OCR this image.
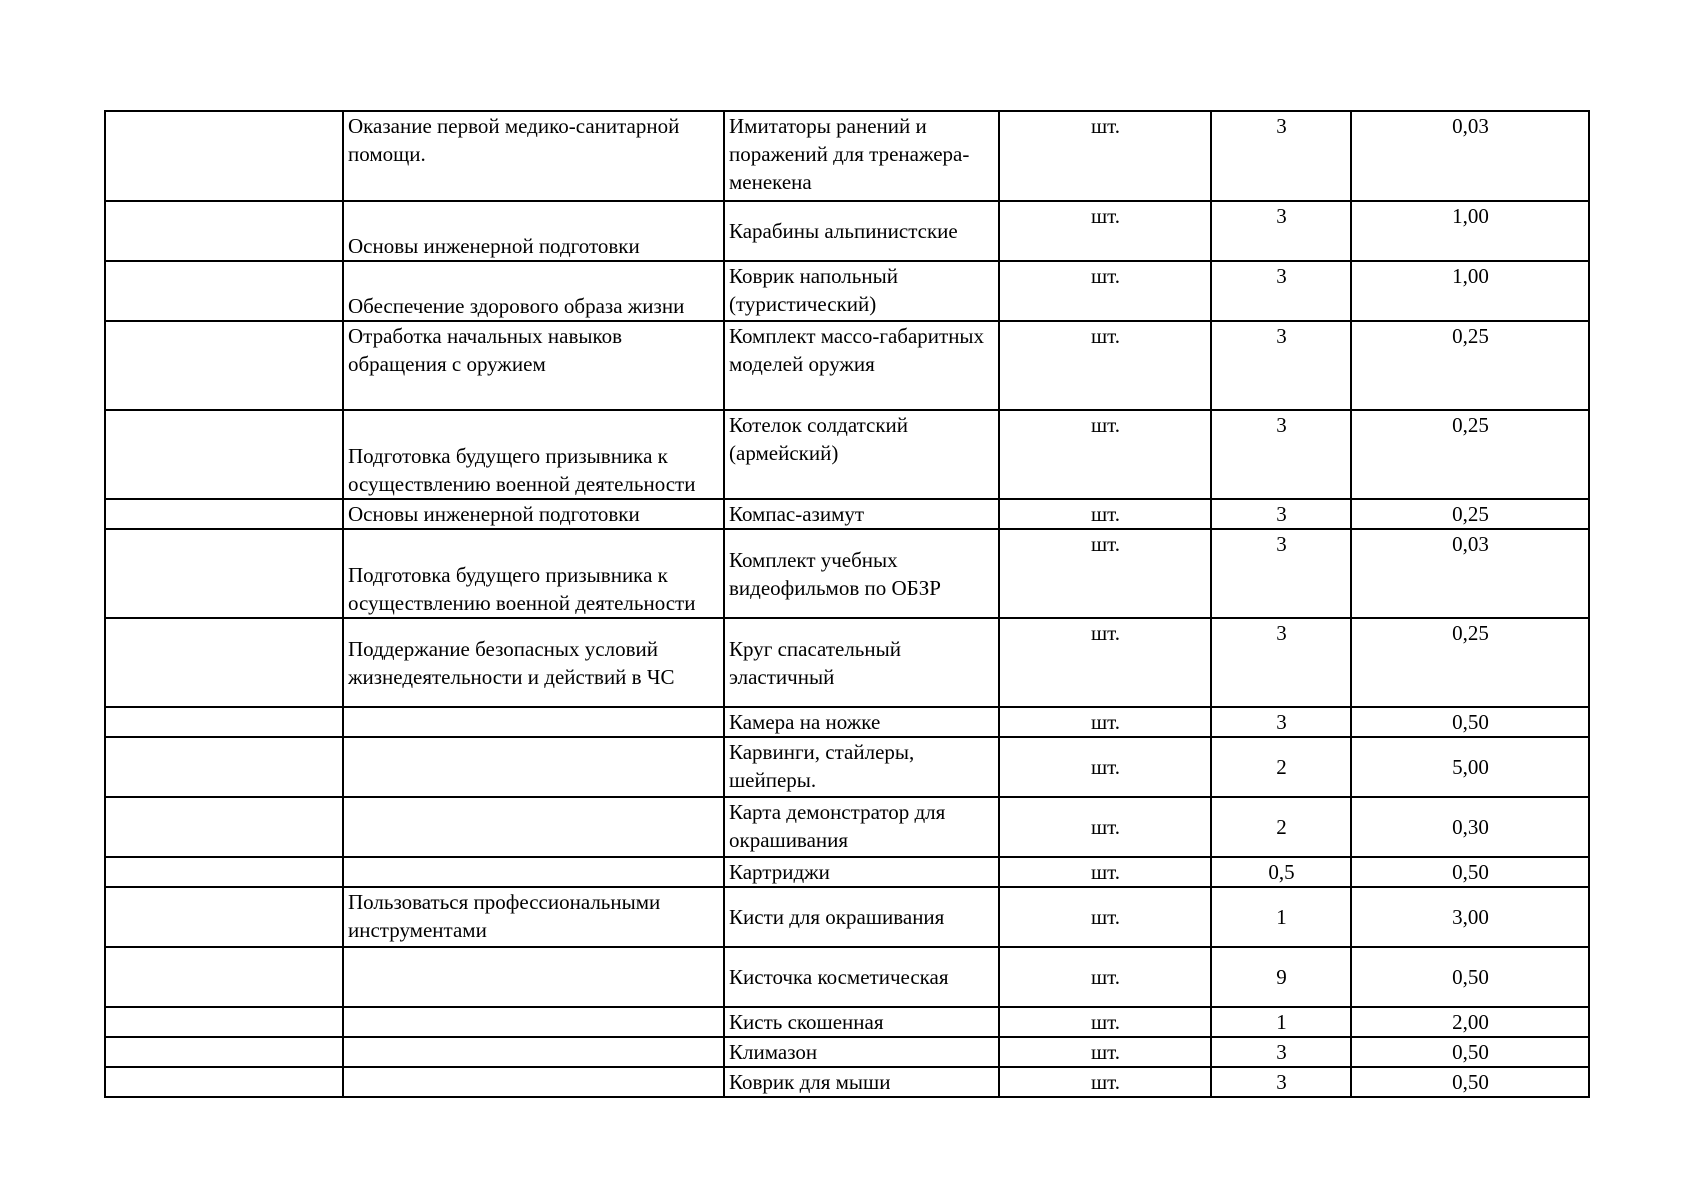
	Оказание первой медико-санитарной помощи.	Имитаторы ранений и поражений для тренажера-менекена	шт.	3	0,03
	Основы инженерной подготовки	Карабины альпинистские	шт.	3	1,00
	Обеспечение здорового образа жизни	Коврик напольный (туристический)	шт.	3	1,00
	Отработка начальных навыков обращения с оружием	Комплект массо-габаритных моделей оружия	шт.	3	0,25
	Подготовка будущего призывника к осуществлению военной деятельности	Котелок солдатский (армейский)	шт.	3	0,25
	Основы инженерной подготовки	Компас-азимут	шт.	3	0,25
	Подготовка будущего призывника к осуществлению военной деятельности	Комплект учебных видеофильмов по ОБЗР	шт.	3	0,03
	Поддержание безопасных условий жизнедеятельности и действий в ЧС	Круг спасательный эластичный	шт.	3	0,25
		Камера на ножке	шт.	3	0,50
		Карвинги, стайлеры, шейперы.	шт.	2	5,00
		Карта демонстратор для окрашивания	шт.	2	0,30
		Картриджи	шт.	0,5	0,50
	Пользоваться профессиональными инструментами	Кисти для окрашивания	шт.	1	3,00
		Кисточка косметическая	шт.	9	0,50
		Кисть скошенная	шт.	1	2,00
		Климазон	шт.	3	0,50
		Коврик для мыши	шт.	3	0,50
